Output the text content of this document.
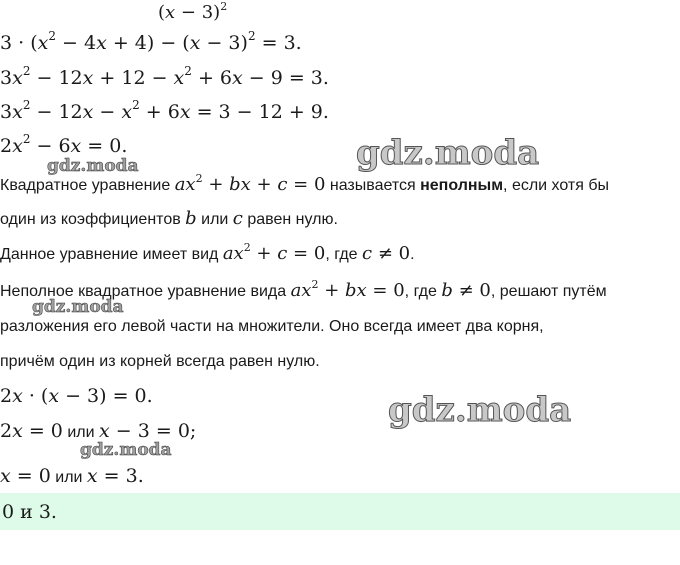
$(x - 3)^2$
$3 \cdot (x^2 - 4x + 4) - (x - 3)^2 = 3$.
$3x^2 - 12x + 12 - x^2 + 6x - 9 = 3$.
$3x^2 - 12x - x^2 + 6x = 3 - 12 + 9$.
$2x^2 - 6x = 0$.
Квадратное уравнение $ax^2$ + bx + c = 0 называется неполным, если хотя бы
один из коэффициентов b или c равен нулю.
Данное уравнение имеет вид $ax^2 + c = 0$, где c ≠ 0.
Неполное квадратное уравнение вида $ax^2$ + bx = 0, где b ≠ 0, решают путём
разложения его левой части на множители. Оно всегда имеет два корня,
причём один из корней всегда равен нулю.
2x · (x − 3) = 0.
2x = 0 или x − 3 = 0;
x = 0 или x = 3.
0 и 3.
gdz.moda	gdz.moda
gdz.moda
gdz.moda
gdz.moda
